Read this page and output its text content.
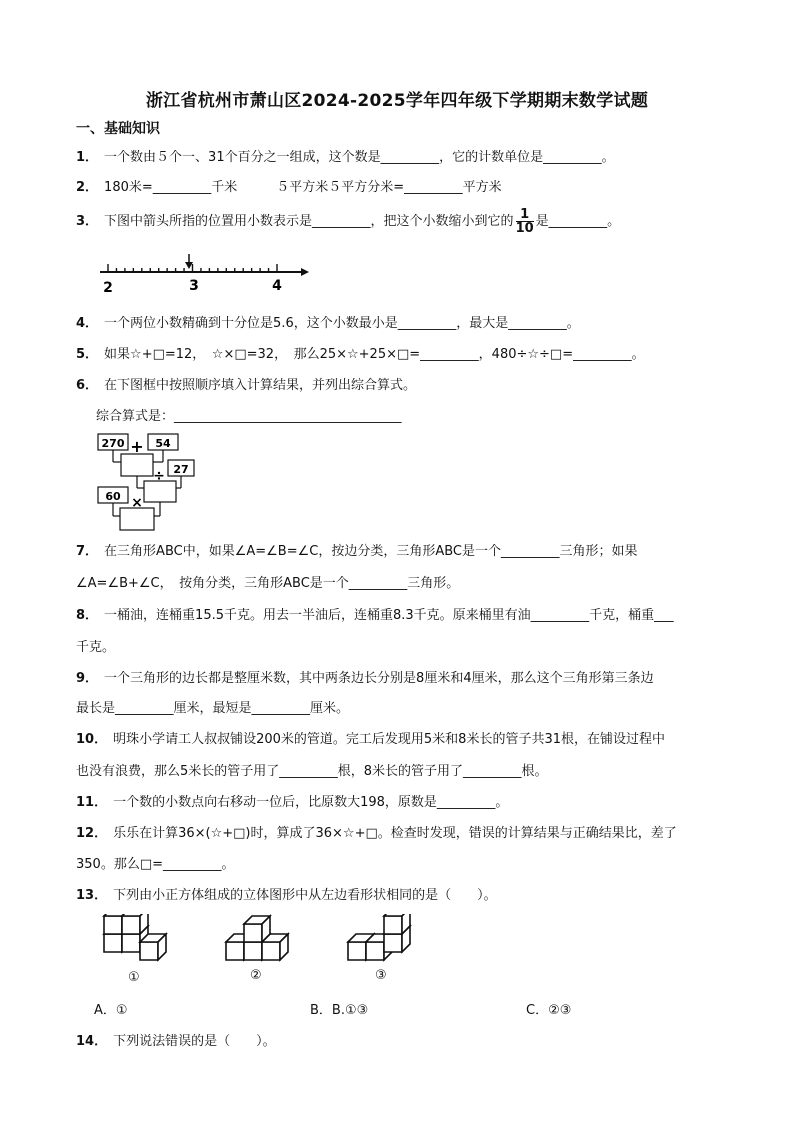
浙江省杭州市萧山区2024-2025学年四年级下学期期末数学试题
一、基础知识
1． 一个数由５个一、31个百分之一组成，这个数是_________，它的计数单位是_________。
2． 180米=_________千米　　　５平方米５平方分米=_________平方米
3． 下图中箭头所指的位置用小数表示是_________，把这个小数缩小到它的 $\frac{1}{10}$ 是_________。
2	3	4
4． 一个两位小数精确到十分位是5.6，这个小数最小是_________，最大是_________。
5． 如果☆+□=12，　☆×□=32，　那么25×☆+25×□=_________，480÷☆÷□=_________。
6． 在下图框中按照顺序填入计算结果，并列出综合算式。
综合算式是：___________________________________
270	54
+
27
÷
60 ×
7． 在三角形ABC中，如果∠A=∠B=∠C，按边分类，三角形ABC是一个_________三角形；如果
∠A=∠B+∠C，　按角分类，三角形ABC是一个_________三角形。
8． 一桶油，连桶重15.5千克。用去一半油后，连桶重8.3千克。原来桶里有油_________千克，桶重___
千克。
9． 一个三角形的边长都是整厘米数，其中两条边长分别是8厘米和4厘米，那么这个三角形第三条边
最长是_________厘米，最短是_________厘米。
10． 明珠小学请工人叔叔铺设200米的管道。完工后发现用5米和8米长的管子共31根，在铺设过程中
也没有浪费，那么5米长的管子用了_________根，8米长的管子用了_________根。
11． 一个数的小数点向右移动一位后，比原数大198，原数是_________。
12． 乐乐在计算36×(☆+□)时，算成了36×☆+□。检查时发现，错误的计算结果与正确结果比，差了
350。那么□=_________。
13． 下列由小正方体组成的立体图形中从左边看形状相同的是（　　）。
①	②	③
A．①	B．B.①③	C．②③
14． 下列说法错误的是（　　）。
